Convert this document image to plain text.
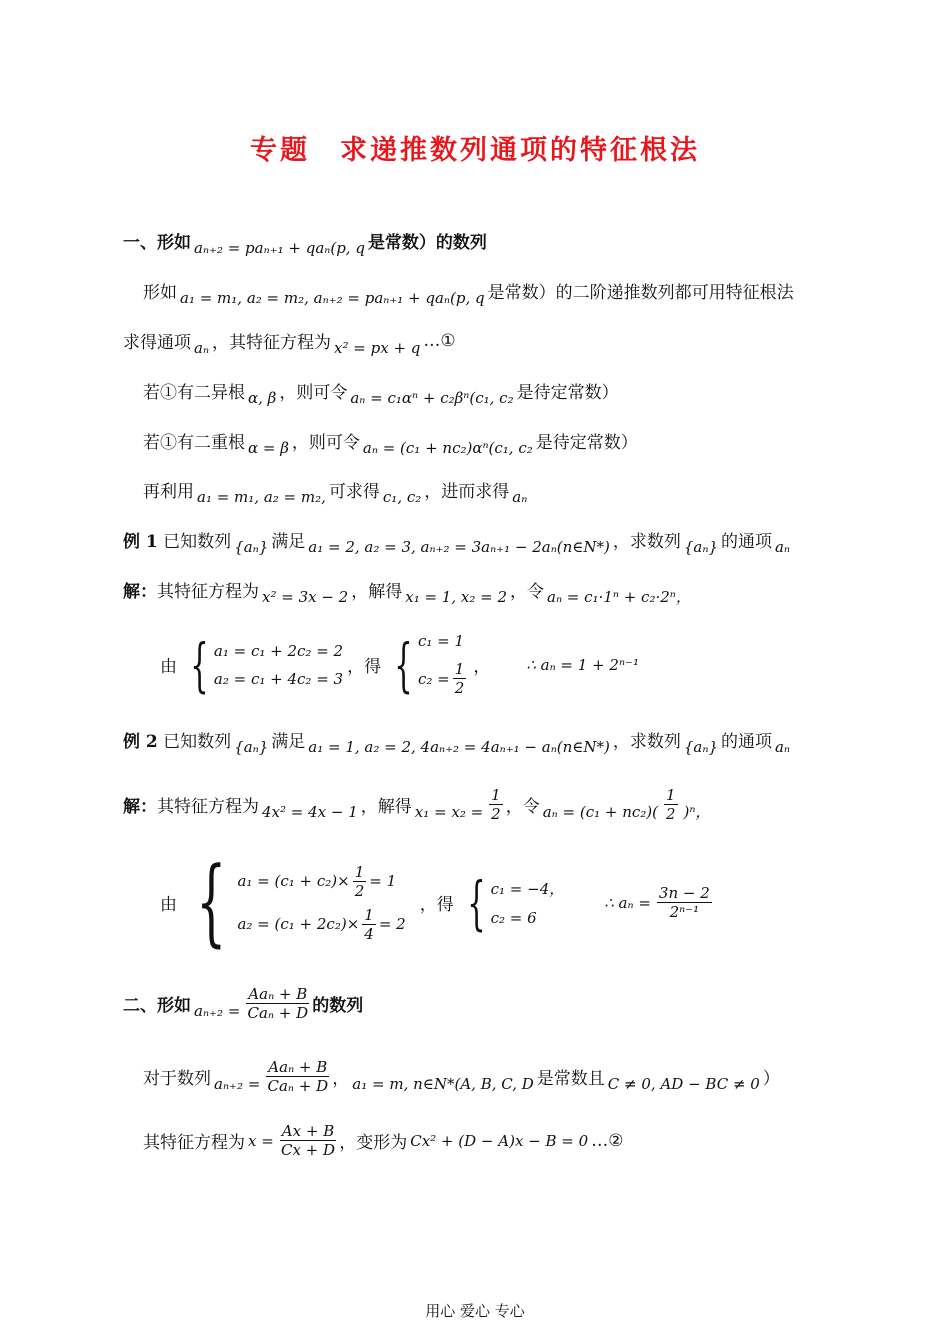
专题 求递推数列通项的特征根法
一、形如 aₙ₊₂ = paₙ₊₁ + qaₙ(p, q 是常数）的数列
形如 a₁ = m₁, a₂ = m₂, aₙ₊₂ = paₙ₊₁ + qaₙ(p, q 是常数）的二阶递推数列都可用特征根法
求得通项 aₙ ，其特征方程为 x² = px + q …①
若①有二异根 α, β ，则可令 aₙ = c₁αⁿ + c₂βⁿ(c₁, c₂ 是待定常数）
若①有二重根 α = β ，则可令 aₙ = (c₁ + nc₂)αⁿ(c₁, c₂ 是待定常数）
再利用 a₁ = m₁, a₂ = m₂, 可求得 c₁, c₂ ，进而求得 aₙ
例 1
已知数列 {aₙ} 满足 a₁ = 2, a₂ = 3, aₙ₊₂ = 3aₙ₊₁ − 2aₙ(n∈N*) ，求数列 {aₙ} 的通项 aₙ
解： 其特征方程为 x² = 3x − 2 ，解得 x₁ = 1, x₂ = 2 ，令 aₙ = c₁·1ⁿ + c₂·2ⁿ，
由 { a₁ = c₁ + 2c₂ = 2
a₂ = c₁ + 4c₂ = 3
，得 { c₁ = 1
$c_2 = \frac{1}{2}$ ， ∴ aₙ = 1 + 2ⁿ⁻¹
例 2
已知数列 {aₙ} 满足 a₁ = 1, a₂ = 2, 4aₙ₊₂ = 4aₙ₊₁ − aₙ(n∈N*) ，求数列 {aₙ} 的通项 aₙ
解： 其特征方程为 4x² = 4x − 1 ，解得 $x_1 = x_2 = \frac{1}{2}$ ，令 $a_n = (c_1 + nc_2)( \frac{1}{2} )^n$，
由 { $a_1 = (c_1 + c_2)\times \frac{1}{2} = 1$
$a_2 = (c_1 + 2c_2)\times \frac{1}{4} = 2$
，得 { c₁ = −4，
c₂ = 6
∴ $a_n = \frac{3n - 2}{\text{2ⁿ⁻¹}}$
二、形如 $a_{n+2} = \frac{\text{Aaₙ + B}}{\text{Caₙ + D}}$ 的数列
对于数列 $a_{n+2} = \frac{\text{Aaₙ + B}}{\text{Caₙ + D}}$ ， a₁ = m, n∈N*(A, B, C, D 是常数且 C ≠ 0, AD − BC ≠ 0 ）
其特征方程为 $x = \frac{Ax + B}{Cx + D}$ ，变形为 Cx² + (D − A)x − B = 0 …②
用心 爱心 专心
